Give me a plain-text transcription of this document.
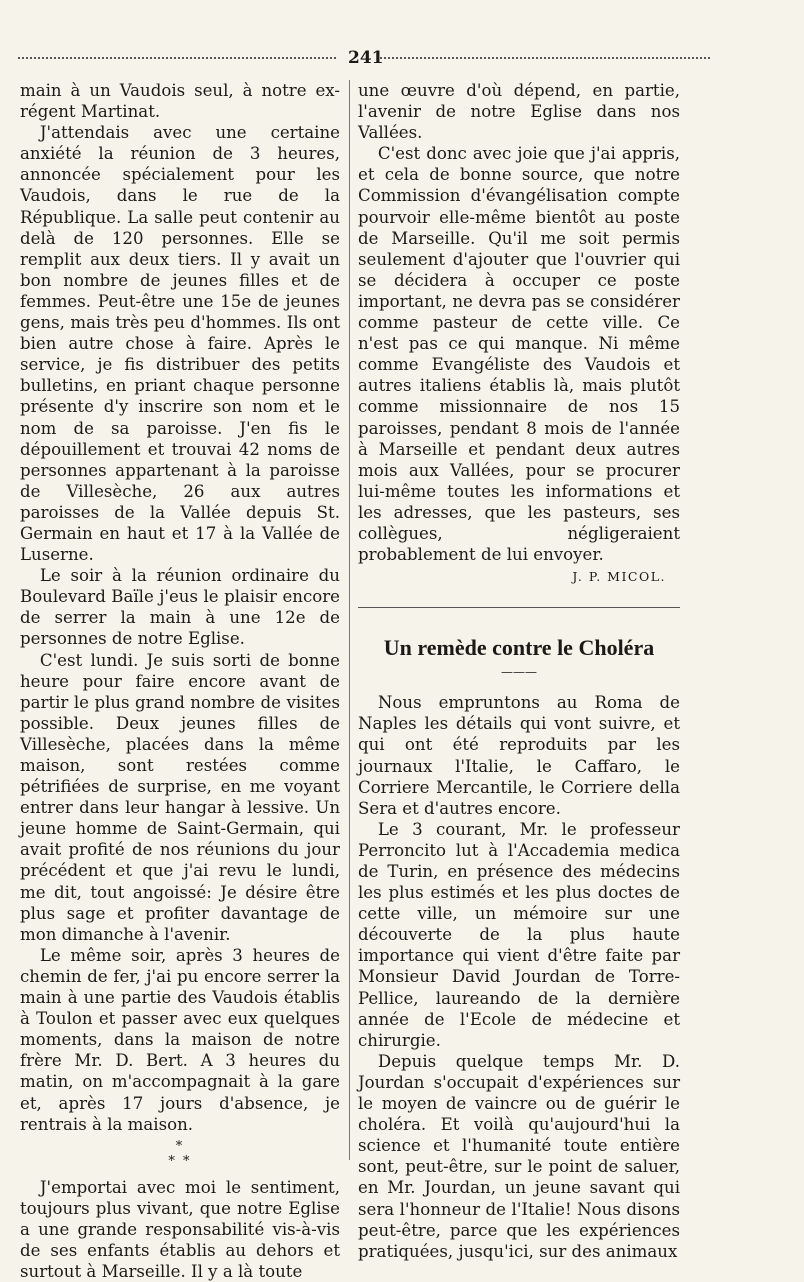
241

main à un Vaudois seul, à notre ex-régent Martinat.

J'attendais avec une certaine anxiété la réunion de 3 heures, annoncée spécialement pour les Vaudois, dans le rue de la République. La salle peut contenir au delà de 120 personnes. Elle se remplit aux deux tiers. Il y avait un bon nombre de jeunes filles et de femmes. Peut-être une 15e de jeunes gens, mais très peu d'hommes. Ils ont bien autre chose à faire. Après le service, je fis distribuer des petits bulletins, en priant chaque personne présente d'y inscrire son nom et le nom de sa paroisse. J'en fis le dépouillement et trouvai 42 noms de personnes appartenant à la paroisse de Villesèche, 26 aux autres paroisses de la Vallée depuis St. Germain en haut et 17 à la Vallée de Luserne.

Le soir à la réunion ordinaire du Boulevard Baïle j'eus le plaisir encore de serrer la main à une 12e de personnes de notre Eglise.

C'est lundi. Je suis sorti de bonne heure pour faire encore avant de partir le plus grand nombre de visites possible. Deux jeunes filles de Villesèche, placées dans la même maison, sont restées comme pétrifiées de surprise, en me voyant entrer dans leur hangar à lessive. Un jeune homme de Saint-Germain, qui avait profité de nos réunions du jour précédent et que j'ai revu le lundi, me dit, tout angoissé: Je désire être plus sage et profiter davantage de mon dimanche à l'avenir.

Le même soir, après 3 heures de chemin de fer, j'ai pu encore serrer la main à une partie des Vaudois établis à Toulon et passer avec eux quelques moments, dans la maison de notre frère Mr. D. Bert. A 3 heures du matin, on m'accompagnait à la gare et, après 17 jours d'absence, je rentrais à la maison.

*
* *

J'emportai avec moi le sentiment, toujours plus vivant, que notre Eglise a une grande responsabilité vis-à-vis de ses enfants établis au dehors et surtout à Marseille. Il y a là toute

une œuvre d'où dépend, en partie, l'avenir de notre Eglise dans nos Vallées.

C'est donc avec joie que j'ai appris, et cela de bonne source, que notre Commission d'évangélisation compte pourvoir elle-même bientôt au poste de Marseille. Qu'il me soit permis seulement d'ajouter que l'ouvrier qui se décidera à occuper ce poste important, ne devra pas se considérer comme pasteur de cette ville. Ce n'est pas ce qui manque. Ni même comme Evangéliste des Vaudois et autres italiens établis là, mais plutôt comme missionnaire de nos 15 paroisses, pendant 8 mois de l'année à Marseille et pendant deux autres mois aux Vallées, pour se procurer lui-même toutes les informations et les adresses, que les pasteurs, ses collègues, négligeraient probablement de lui envoyer.

J. P. MICOL.

Un remède contre le Choléra
———

Nous empruntons au Roma de Naples les détails qui vont suivre, et qui ont été reproduits par les journaux l'Italie, le Caffaro, le Corriere Mercantile, le Corriere della Sera et d'autres encore.

Le 3 courant, Mr. le professeur Perroncito lut à l'Accademia medica de Turin, en présence des médecins les plus estimés et les plus doctes de cette ville, un mémoire sur une découverte de la plus haute importance qui vient d'être faite par Monsieur David Jourdan de Torre-Pellice, laureando de la dernière année de l'Ecole de médecine et chirurgie.

Depuis quelque temps Mr. D. Jourdan s'occupait d'expériences sur le moyen de vaincre ou de guérir le choléra. Et voilà qu'aujourd'hui la science et l'humanité toute entière sont, peut-être, sur le point de saluer, en Mr. Jourdan, un jeune savant qui sera l'honneur de l'Italie! Nous disons peut-être, parce que les expériences pratiquées, jusqu'ici, sur des animaux
